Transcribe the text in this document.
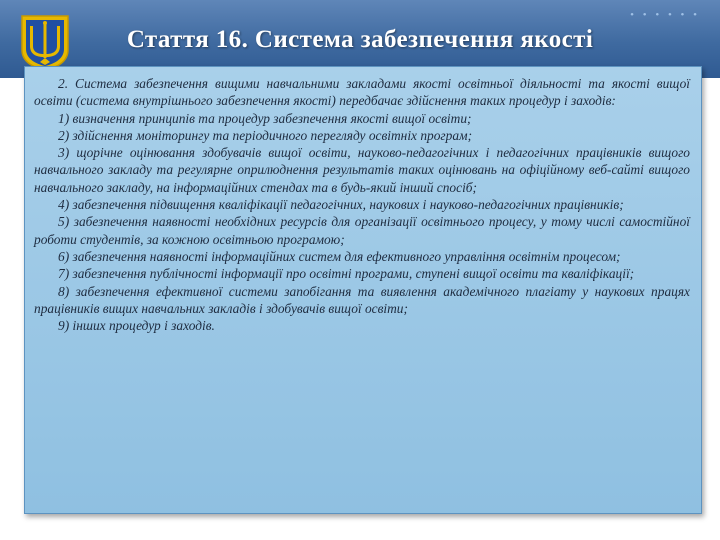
• • • • • •
Стаття 16. Система забезпечення якості

2. Система забезпечення вищими навчальними закладами якості освітньої діяльності та якості вищої освіти (система внутрішнього забезпечення якості) передбачає здійснення таких процедур і заходів:

1) визначення принципів та процедур забезпечення якості вищої освіти;

2) здійснення моніторингу та періодичного перегляду освітніх програм;

3) щорічне оцінювання здобувачів вищої освіти, науково-педагогічних і педагогічних працівників вищого навчального закладу та регулярне оприлюднення результатів таких оцінювань на офіційному веб-сайті вищого навчального закладу, на інформаційних стендах та в будь-який інший спосіб;

4) забезпечення підвищення кваліфікації педагогічних, наукових і науково-педагогічних працівників;

5) забезпечення наявності необхідних ресурсів для організації освітнього процесу, у тому числі самостійної роботи студентів, за кожною освітньою програмою;

6) забезпечення наявності інформаційних систем для ефективного управління освітнім процесом;

7) забезпечення публічності інформації про освітні програми, ступені вищої освіти та кваліфікації;

8) забезпечення ефективної системи запобігання та виявлення академічного плагіату у наукових працях працівників вищих навчальних закладів і здобувачів вищої освіти;

9) інших процедур і заходів.
